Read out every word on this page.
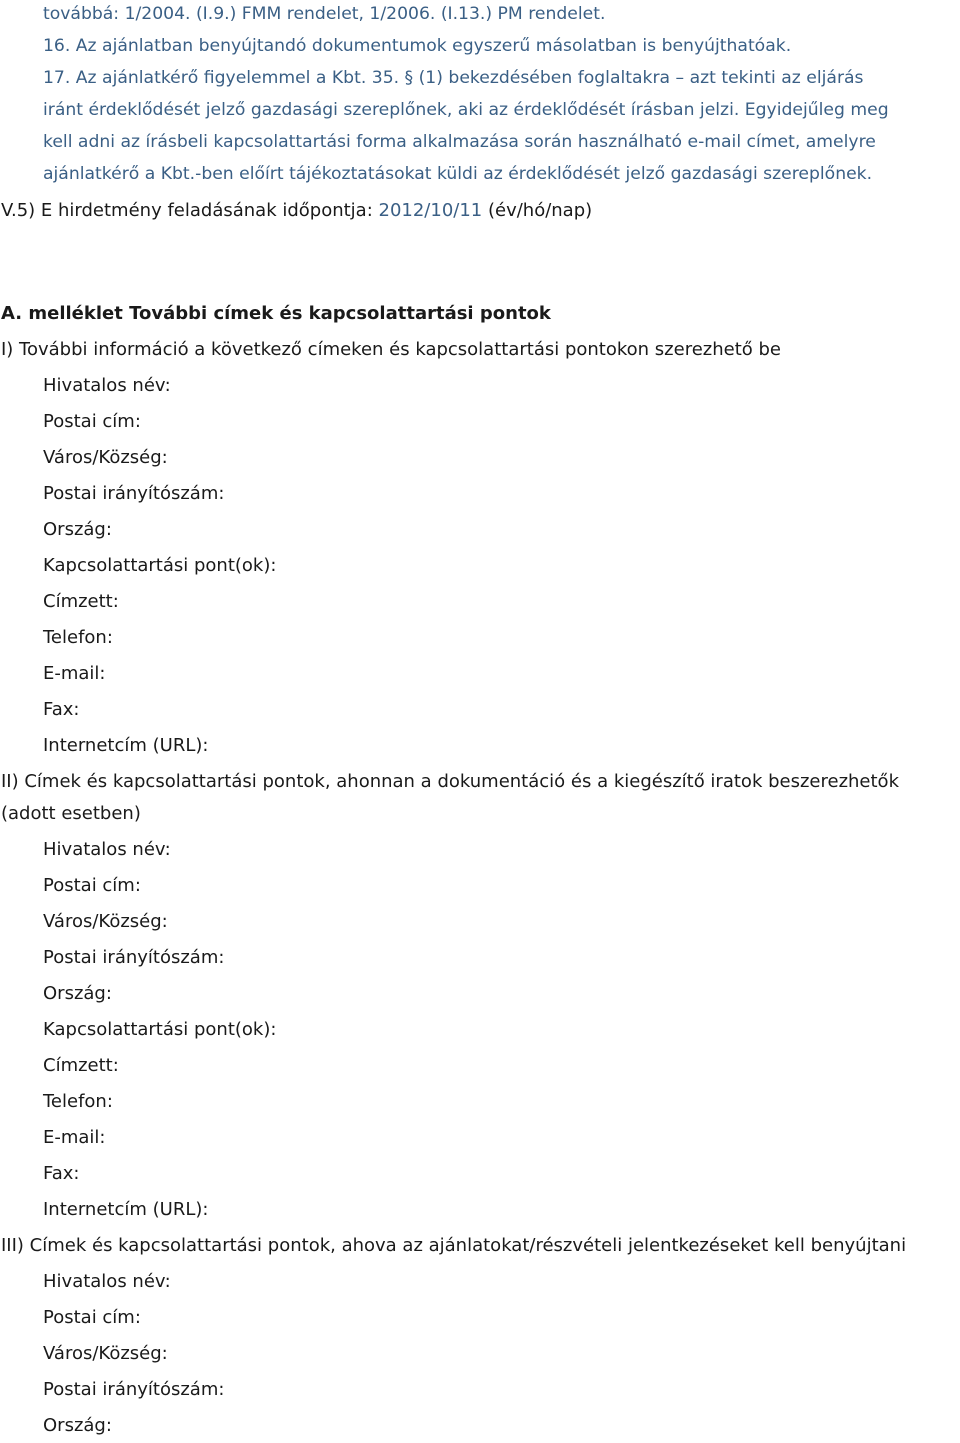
továbbá: 1/2004. (I.9.) FMM rendelet, 1/2006. (I.13.) PM rendelet.
16. Az ajánlatban benyújtandó dokumentumok egyszerű másolatban is benyújthatóak.
17. Az ajánlatkérő figyelemmel a Kbt. 35. § (1) bekezdésében foglaltakra – azt tekinti az eljárás
iránt érdeklődését jelző gazdasági szereplőnek, aki az érdeklődését írásban jelzi. Egyidejűleg meg
kell adni az írásbeli kapcsolattartási forma alkalmazása során használható e-mail címet, amelyre
ajánlatkérő a Kbt.-ben előírt tájékoztatásokat küldi az érdeklődését jelző gazdasági szereplőnek.
V.5) E hirdetmény feladásának időpontja: 2012/10/11 (év/hó/nap)
A. melléklet További címek és kapcsolattartási pontok
I) További információ a következő címeken és kapcsolattartási pontokon szerezhető be
Hivatalos név:
Postai cím:
Város/Község:
Postai irányítószám:
Ország:
Kapcsolattartási pont(ok):
Címzett:
Telefon:
E-mail:
Fax:
Internetcím (URL):
II) Címek és kapcsolattartási pontok, ahonnan a dokumentáció és a kiegészítő iratok beszerezhetők
(adott esetben)
Hivatalos név:
Postai cím:
Város/Község:
Postai irányítószám:
Ország:
Kapcsolattartási pont(ok):
Címzett:
Telefon:
E-mail:
Fax:
Internetcím (URL):
III) Címek és kapcsolattartási pontok, ahova az ajánlatokat/részvételi jelentkezéseket kell benyújtani
Hivatalos név:
Postai cím:
Város/Község:
Postai irányítószám:
Ország:
